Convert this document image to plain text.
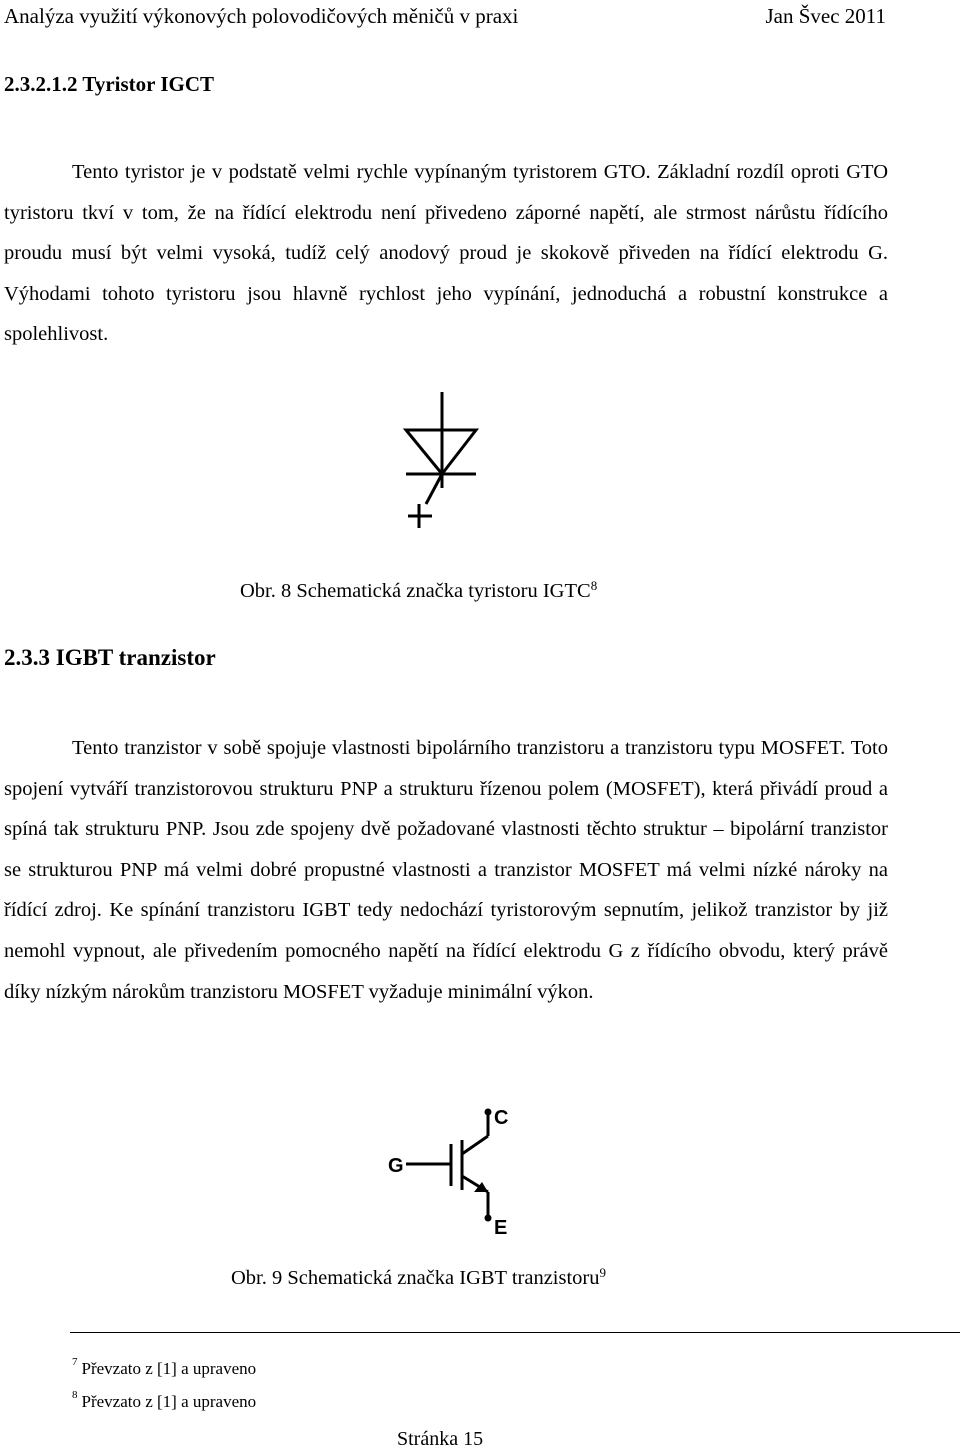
Analýza využití výkonových polovodičových měničů v praxi	Jan Švec 2011
2.3.2.1.2 Tyristor IGCT
Tento tyristor je v podstatě velmi rychle vypínaným tyristorem GTO. Základní rozdíl oproti GTO tyristoru tkví v tom, že na řídící elektrodu není přivedeno záporné napětí, ale strmost nárůstu řídícího proudu musí být velmi vysoká, tudíž celý anodový proud je skokově přiveden na řídící elektrodu G. Výhodami tohoto tyristoru jsou hlavně rychlost jeho vypínání, jednoduchá a robustní konstrukce a spolehlivost.
Obr. 8 Schematická značka tyristoru IGTC$^8$
2.3.3 IGBT tranzistor
Tento tranzistor v sobě spojuje vlastnosti bipolárního tranzistoru a tranzistoru typu MOSFET. Toto spojení vytváří tranzistorovou strukturu PNP a strukturu řízenou polem (MOSFET), která přivádí proud a spíná tak strukturu PNP. Jsou zde spojeny dvě požadované vlastnosti těchto struktur – bipolární tranzistor se strukturou PNP má velmi dobré propustné vlastnosti a tranzistor MOSFET má velmi nízké nároky na řídící zdroj. Ke spínání tranzistoru IGBT tedy nedochází tyristorovým sepnutím, jelikož tranzistor by již nemohl vypnout, ale přivedením pomocného napětí na řídící elektrodu G z řídícího obvodu, který právě díky nízkým nárokům tranzistoru MOSFET vyžaduje minimální výkon.
C
G
E
Obr. 9 Schematická značka IGBT tranzistoru$^9$
$^7$ Převzato z [1] a upraveno
$^8$ Převzato z [1] a upraveno
Stránka 15
